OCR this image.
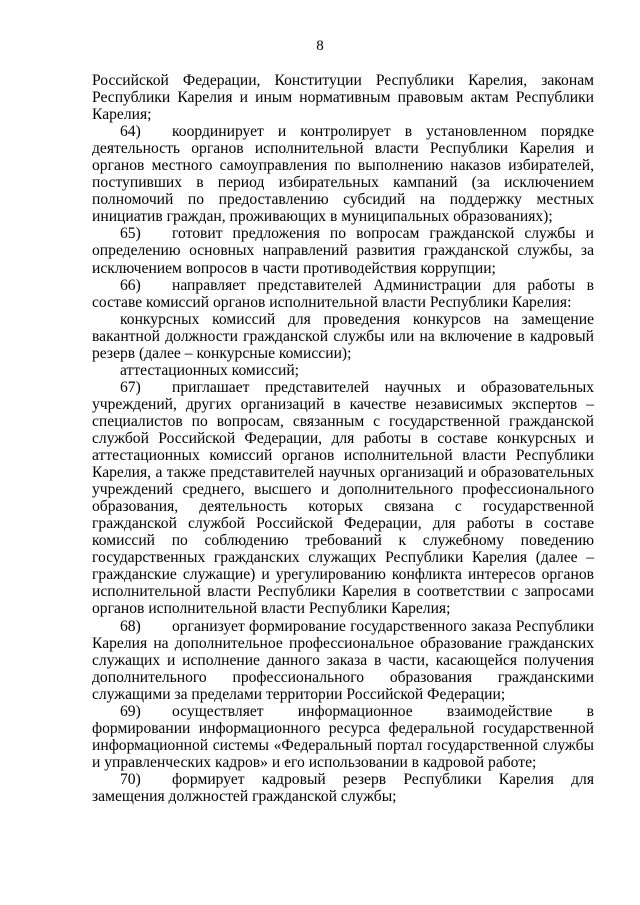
8

Российской Федерации, Конституции Республики Карелия, законам Республики Карелия и иным нормативным правовым актам Республики Карелия;

64) координирует и контролирует в установленном порядке деятельность органов исполнительной власти Республики Карелия и органов местного самоуправления по выполнению наказов избирателей, поступивших в период избирательных кампаний (за исключением полномочий по предоставлению субсидий на поддержку местных инициатив граждан, проживающих в муниципальных образованиях);

65) готовит предложения по вопросам гражданской службы и определению основных направлений развития гражданской службы, за исключением вопросов в части противодействия коррупции;

66) направляет представителей Администрации для работы в составе комиссий органов исполнительной власти Республики Карелия:

конкурсных комиссий для проведения конкурсов на замещение вакантной должности гражданской службы или на включение в кадровый резерв (далее – конкурсные комиссии);

аттестационных комиссий;

67) приглашает представителей научных и образовательных учреждений, других организаций в качестве независимых экспертов – специалистов по вопросам, связанным с государственной гражданской службой Российской Федерации, для работы в составе конкурсных и аттестационных комиссий органов исполнительной власти Республики Карелия, а также представителей научных организаций и образовательных учреждений среднего, высшего и дополнительного профессионального образования, деятельность которых связана с государственной гражданской службой Российской Федерации, для работы в составе комиссий по соблюдению требований к служебному поведению государственных гражданских служащих Республики Карелия (далее – гражданские служащие) и урегулированию конфликта интересов органов исполнительной власти Республики Карелия в соответствии с запросами органов исполнительной власти Республики Карелия;

68) организует формирование государственного заказа Республики Карелия на дополнительное профессиональное образование гражданских служащих и исполнение данного заказа в части, касающейся получения дополнительного профессионального образования гражданскими служащими за пределами территории Российской Федерации;

69) осуществляет информационное взаимодействие в формировании информационного ресурса федеральной государственной информационной системы «Федеральный портал государственной службы и управленческих кадров» и его использовании в кадровой работе;

70) формирует кадровый резерв Республики Карелия для замещения должностей гражданской службы;
